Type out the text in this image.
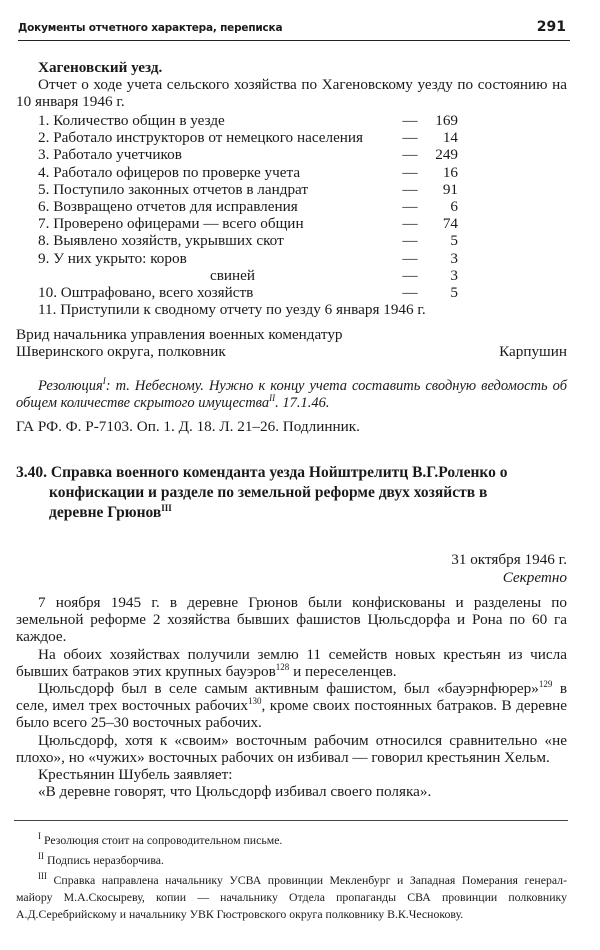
Документы отчетного характера, переписка	291
Хагеновский уезд.
Отчет о ходе учета сельского хозяйства по Хагеновскому уезду по состоянию на 10 января 1946 г.
1. Количество общин в уезде	—	169
2. Работало инструкторов от немецкого населения	—	14
3. Работало учетчиков	—	249
4. Работало офицеров по проверке учета	—	16
5. Поступило законных отчетов в ландрат	—	91
6. Возвращено отчетов для исправления	—	6
7. Проверено офицерами — всего общин	—	74
8. Выявлено хозяйств, укрывших скот	—	5
9. У них укрыто: коров	—	3
свиней	—	3
10. Оштрафовано, всего хозяйств	—	5
11. Приступили к сводному отчету по уезду 6 января 1946 г.
Врид начальника управления военных комендатур
Шверинского округа, полковник	Карпушин
Резолюция$^I$: т. Небесному. Нужно к концу учета составить сводную ведомость об общем количестве скрытого имущества$^{II}$. 17.1.46.
ГА РФ. Ф. Р-7103. Оп. 1. Д. 18. Л. 21–26. Подлинник.
3.40. Справка военного коменданта уезда Нойштрелитц В.Г.Роленко о конфискации и разделе по земельной реформе двух хозяйств в деревне Грюнов$^{III}$
31 октября 1946 г.
Секретно
7 ноября 1945 г. в деревне Грюнов были конфискованы и разделены по земельной реформе 2 хозяйства бывших фашистов Цюльсдорфа и Рона по 60 га каждое.
На обоих хозяйствах получили землю 11 семейств новых крестьян из числа бывших батраков этих крупных бауэров$^{128}$ и переселенцев.
Цюльсдорф был в селе самым активным фашистом, был «бауэрнфюрер»$^{129}$ в селе, имел трех восточных рабочих$^{130}$, кроме своих постоянных батраков. В деревне было всего 25–30 восточных рабочих.
Цюльсдорф, хотя к «своим» восточным рабочим относился сравнительно «не плохо», но «чужих» восточных рабочих он избивал — говорил крестьянин Хельм.
Крестьянин Шубель заявляет:
«В деревне говорят, что Цюльсдорф избивал своего поляка».
$^I$ Резолюция стоит на сопроводительном письме.
$^{II}$ Подпись неразборчива.
$^{III}$ Справка направлена начальнику УСВА провинции Мекленбург и Западная Померания генерал-майору М.А.Скосыреву, копии — начальнику Отдела пропаганды СВА провинции полковнику А.Д.Серебрийскому и начальнику УВК Гюстровского округа полковнику В.К.Чеснокову.
